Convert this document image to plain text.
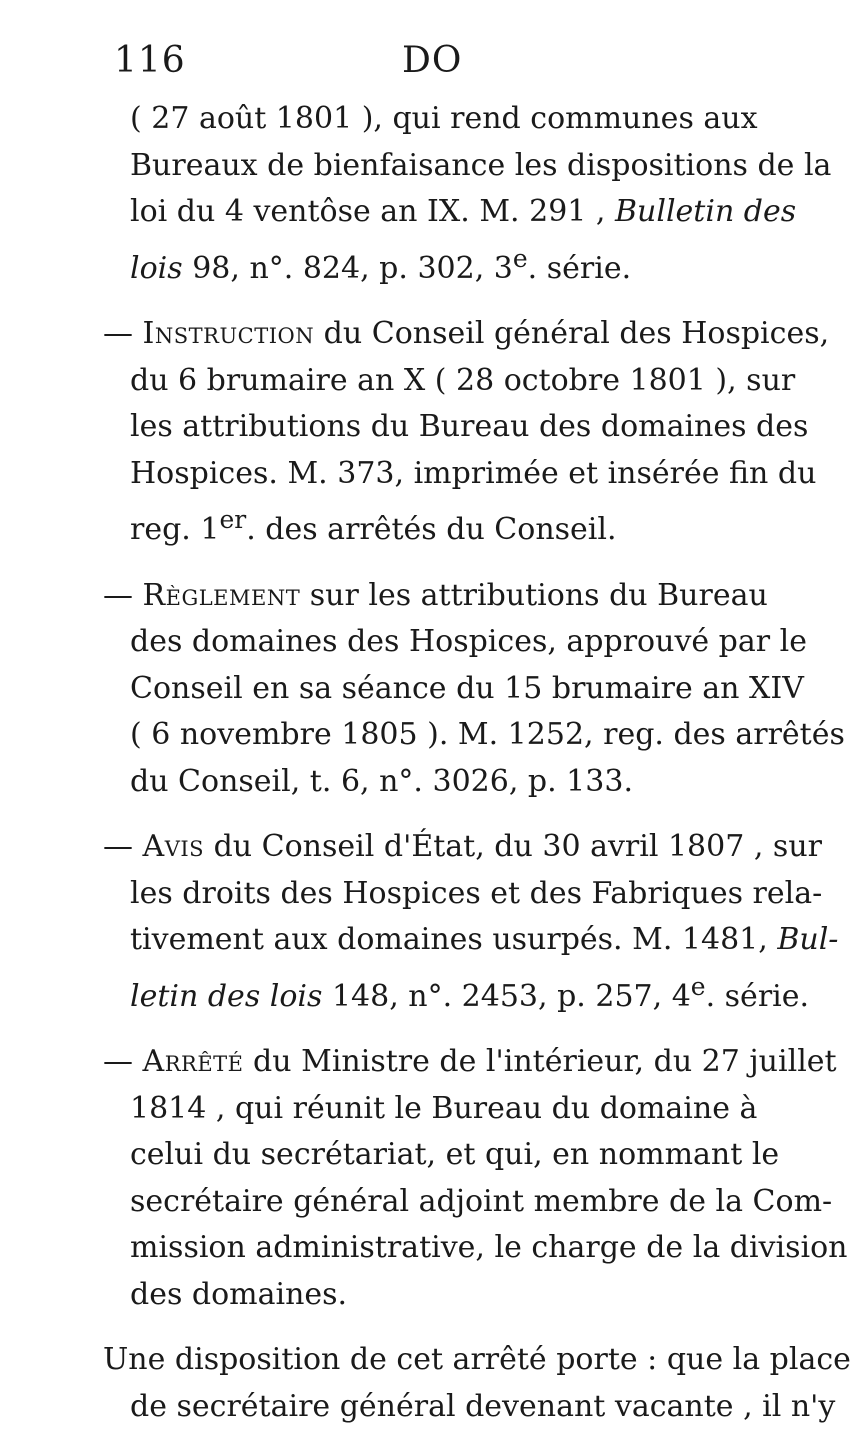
116	DO
( 27 août 1801 ), qui rend communes aux
Bureaux de bienfaisance les dispositions de la
loi du 4 ventôse an IX. M. 291 , Bulletin des
lois 98, n°. 824, p. 302, 3e. série.
— Instruction du Conseil général des Hospices,
du 6 brumaire an X ( 28 octobre 1801 ), sur
les attributions du Bureau des domaines des
Hospices. M. 373, imprimée et insérée fin du
reg. 1er. des arrêtés du Conseil.
— Règlement sur les attributions du Bureau
des domaines des Hospices, approuvé par le
Conseil en sa séance du 15 brumaire an XIV
( 6 novembre 1805 ). M. 1252, reg. des arrêtés
du Conseil, t. 6, n°. 3026, p. 133.
— Avis du Conseil d'État, du 30 avril 1807 , sur
les droits des Hospices et des Fabriques rela-
tivement aux domaines usurpés. M. 1481, Bul-
letin des lois 148, n°. 2453, p. 257, 4e. série.
— Arrêté du Ministre de l'intérieur, du 27 juillet
1814 , qui réunit le Bureau du domaine à
celui du secrétariat, et qui, en nommant le
secrétaire général adjoint membre de la Com-
mission administrative, le charge de la division
des domaines.
Une disposition de cet arrêté porte : que la place
de secrétaire général devenant vacante , il n'y
